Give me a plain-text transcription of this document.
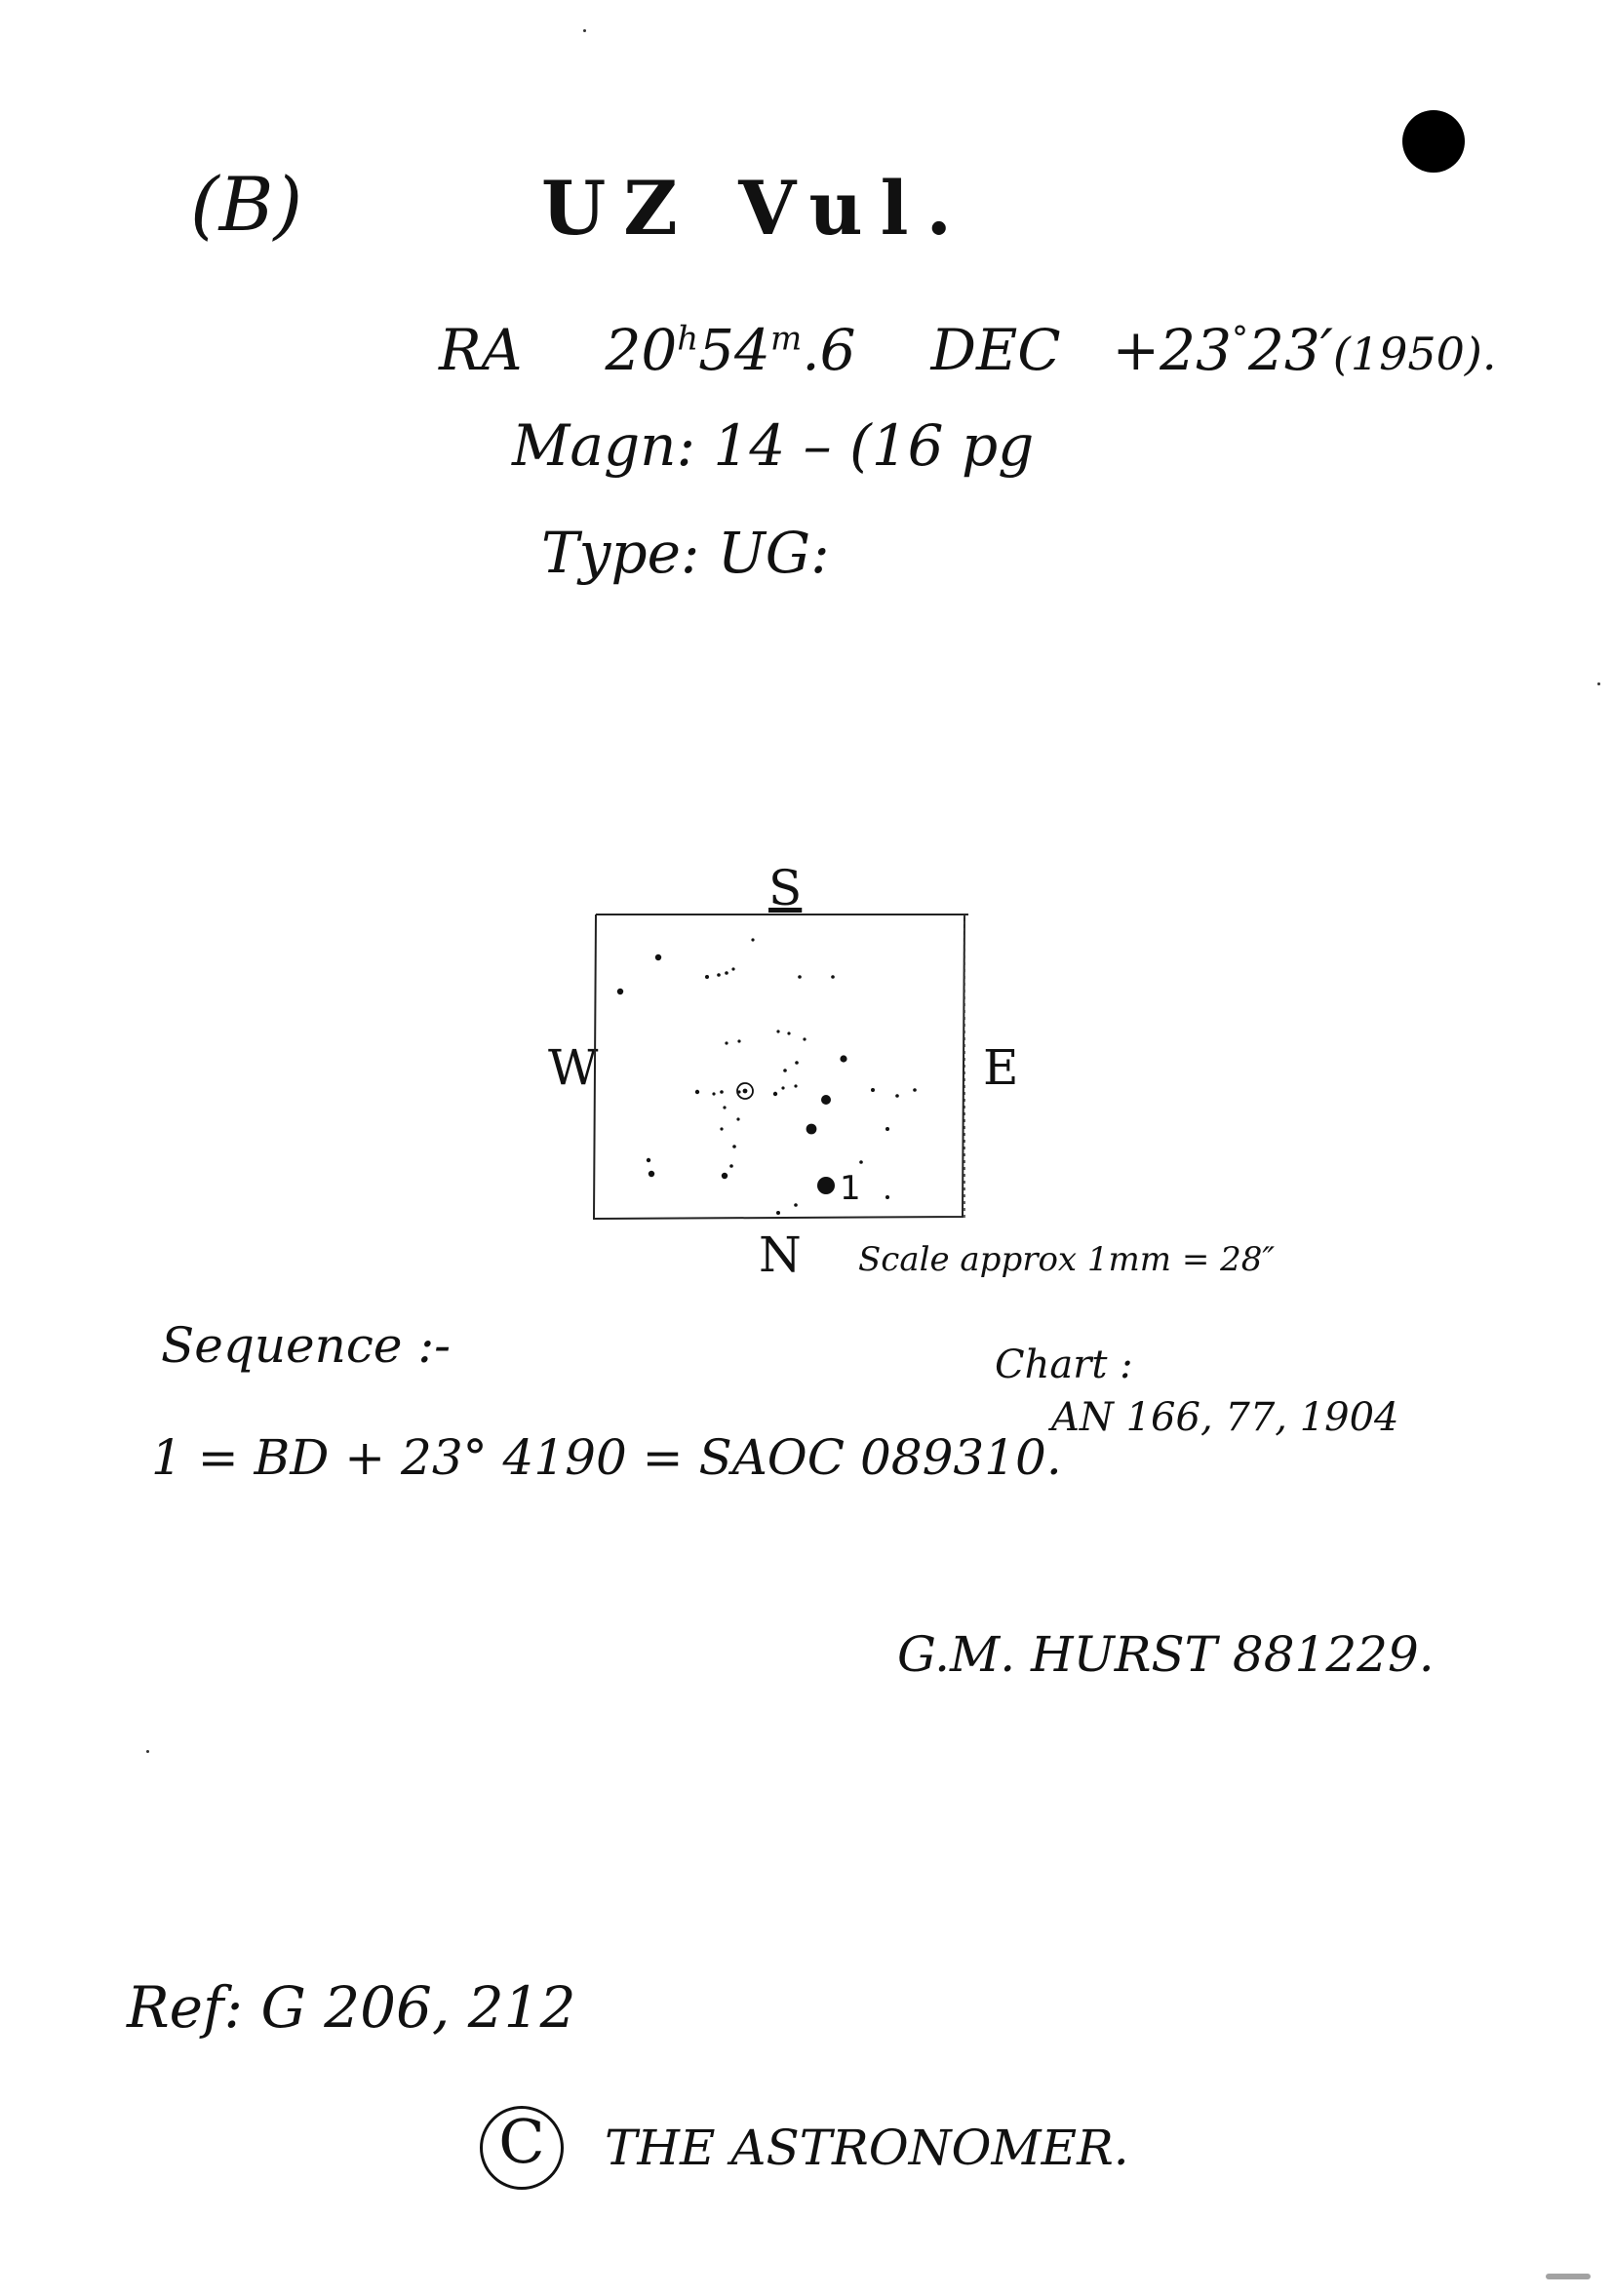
(B)	UZ Vul.
RA 20$^h$54$^m$.6 DEC +23°23′(1950).
Magn: 14 – (16 pg
Type: UG:
S
W	E
N
1
Scale approx 1mm = 28″
Sequence :-
1 = BD + 23° 4190 = SAOC 089310.
Chart :
AN 166, 77, 1904
G.M. HURST 881229.
Ref: G 206, 212
C	THE ASTRONOMER.
